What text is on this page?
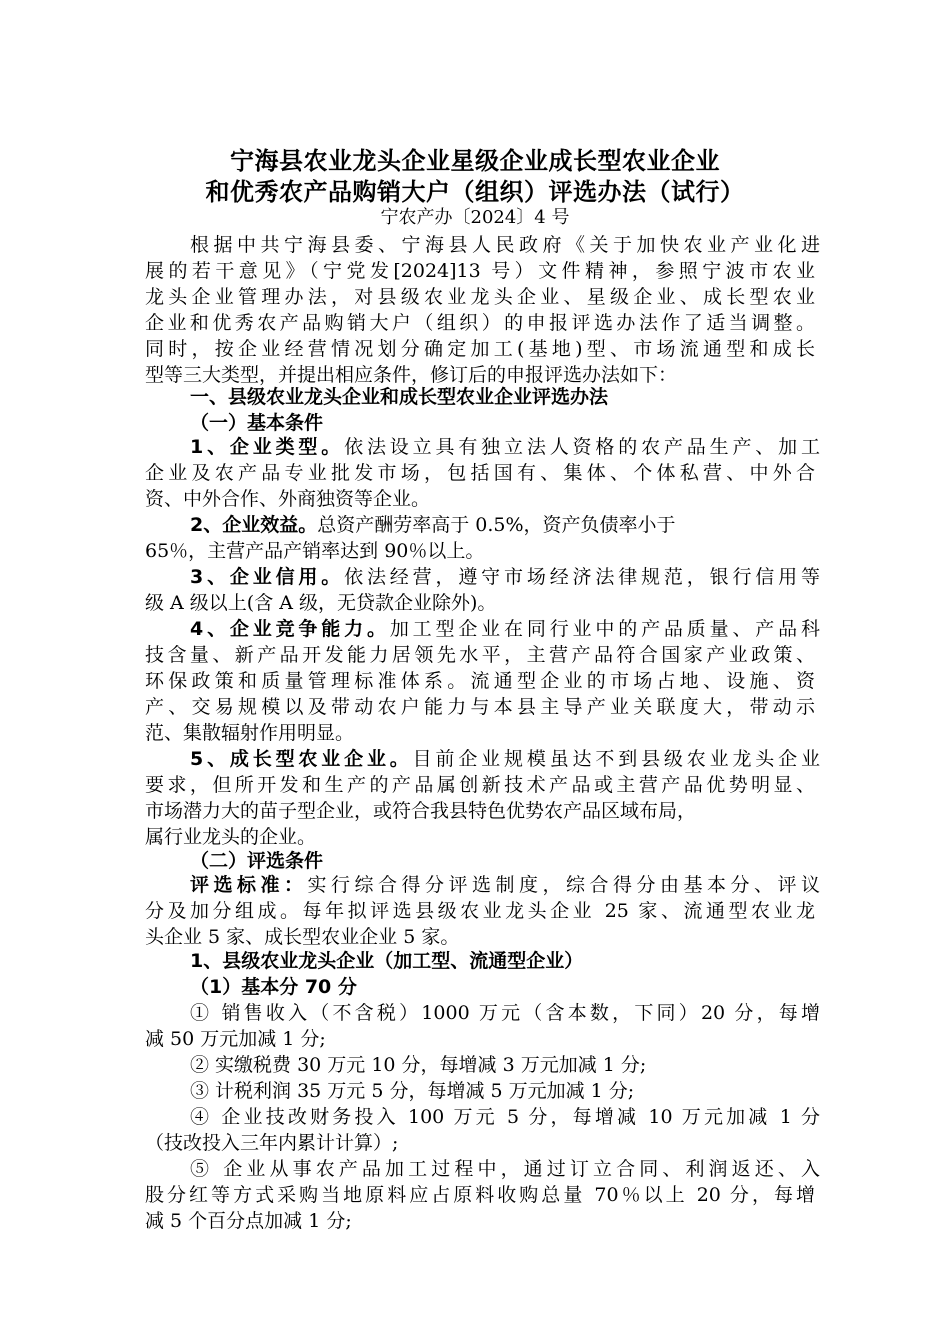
宁海县农业龙头企业星级企业成长型农业企业
和优秀农产品购销大户（组织）评选办法（试行）
宁农产办〔2024〕4 号
根据中共宁海县委、宁海县人民政府《关于加快农业产业化进
展的若干意见》（宁党发[2024]13 号）文件精神，参照宁波市农业
龙头企业管理办法，对县级农业龙头企业、星级企业、成长型农业
企业和优秀农产品购销大户（组织）的申报评选办法作了适当调整。
同时，按企业经营情况划分确定加工(基地)型、市场流通型和成长
型等三大类型，并提出相应条件，修订后的申报评选办法如下：
一、县级农业龙头企业和成长型农业企业评选办法
（一）基本条件
1、企业类型。依法设立具有独立法人资格的农产品生产、加工
企业及农产品专业批发市场，包括国有、集体、个体私营、中外合
资、中外合作、外商独资等企业。
2、企业效益。总资产酬劳率高于 0.5%，资产负债率小于
65％，主营产品产销率达到 90％以上。
3、企业信用。依法经营，遵守市场经济法律规范，银行信用等
级 A 级以上(含 A 级，无贷款企业除外)。
4、企业竞争能力。加工型企业在同行业中的产品质量、产品科
技含量、新产品开发能力居领先水平，主营产品符合国家产业政策、
环保政策和质量管理标准体系。流通型企业的市场占地、设施、资
产、交易规模以及带动农户能力与本县主导产业关联度大，带动示
范、集散辐射作用明显。
5、成长型农业企业。目前企业规模虽达不到县级农业龙头企业
要求，但所开发和生产的产品属创新技术产品或主营产品优势明显、
市场潜力大的苗子型企业，或符合我县特色优势农产品区域布局，
属行业龙头的企业。
（二）评选条件
评选标准：实行综合得分评选制度，综合得分由基本分、评议
分及加分组成。每年拟评选县级农业龙头企业 25 家、流通型农业龙
头企业 5 家、成长型农业企业 5 家。
1、县级农业龙头企业（加工型、流通型企业）
（1）基本分 70 分
① 销售收入（不含税）1000 万元（含本数，下同）20 分，每增
减 50 万元加减 1 分;
② 实缴税费 30 万元 10 分，每增减 3 万元加减 1 分;
③ 计税利润 35 万元 5 分，每增减 5 万元加减 1 分;
④ 企业技改财务投入 100 万元 5 分，每增减 10 万元加减 1 分
（技改投入三年内累计计算）;
⑤ 企业从事农产品加工过程中，通过订立合同、利润返还、入
股分红等方式采购当地原料应占原料收购总量 70％以上 20 分，每增
减 5 个百分点加减 1 分;
